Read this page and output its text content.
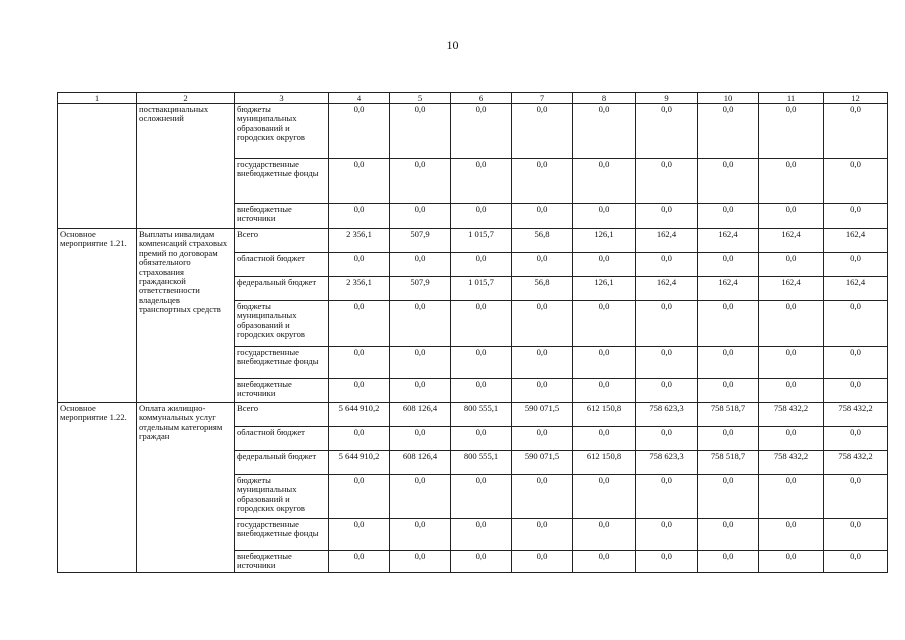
10
1	2	3	4	5	6	7	8	9	10	11	12
	поствакцинальных осложнений	бюджеты муниципальных образований и городских округов	0,0	0,0	0,0	0,0	0,0	0,0	0,0	0,0	0,0
		государственные внебюджетные фонды	0,0	0,0	0,0	0,0	0,0	0,0	0,0	0,0	0,0
		внебюджетные источники	0,0	0,0	0,0	0,0	0,0	0,0	0,0	0,0	0,0
Основное мероприятие 1.21.	Выплаты инвалидам компенсаций страховых премий по договорам обязательного страхования гражданской ответственности владельцев транспортных средств	Всего	2 356,1	507,9	1 015,7	56,8	126,1	162,4	162,4	162,4	162,4
		областной бюджет	0,0	0,0	0,0	0,0	0,0	0,0	0,0	0,0	0,0
		федеральный бюджет	2 356,1	507,9	1 015,7	56,8	126,1	162,4	162,4	162,4	162,4
		бюджеты муниципальных образований и городских округов	0,0	0,0	0,0	0,0	0,0	0,0	0,0	0,0	0,0
		государственные внебюджетные фонды	0,0	0,0	0,0	0,0	0,0	0,0	0,0	0,0	0,0
		внебюджетные источники	0,0	0,0	0,0	0,0	0,0	0,0	0,0	0,0	0,0
Основное мероприятие 1.22.	Оплата жилищно-коммунальных услуг отдельным категориям граждан	Всего	5 644 910,2	608 126,4	800 555,1	590 071,5	612 150,8	758 623,3	758 518,7	758 432,2	758 432,2
		областной бюджет	0,0	0,0	0,0	0,0	0,0	0,0	0,0	0,0	0,0
		федеральный бюджет	5 644 910,2	608 126,4	800 555,1	590 071,5	612 150,8	758 623,3	758 518,7	758 432,2	758 432,2
		бюджеты муниципальных образований и городских округов	0,0	0,0	0,0	0,0	0,0	0,0	0,0	0,0	0,0
		государственные внебюджетные фонды	0,0	0,0	0,0	0,0	0,0	0,0	0,0	0,0	0,0
		внебюджетные источники	0,0	0,0	0,0	0,0	0,0	0,0	0,0	0,0	0,0
